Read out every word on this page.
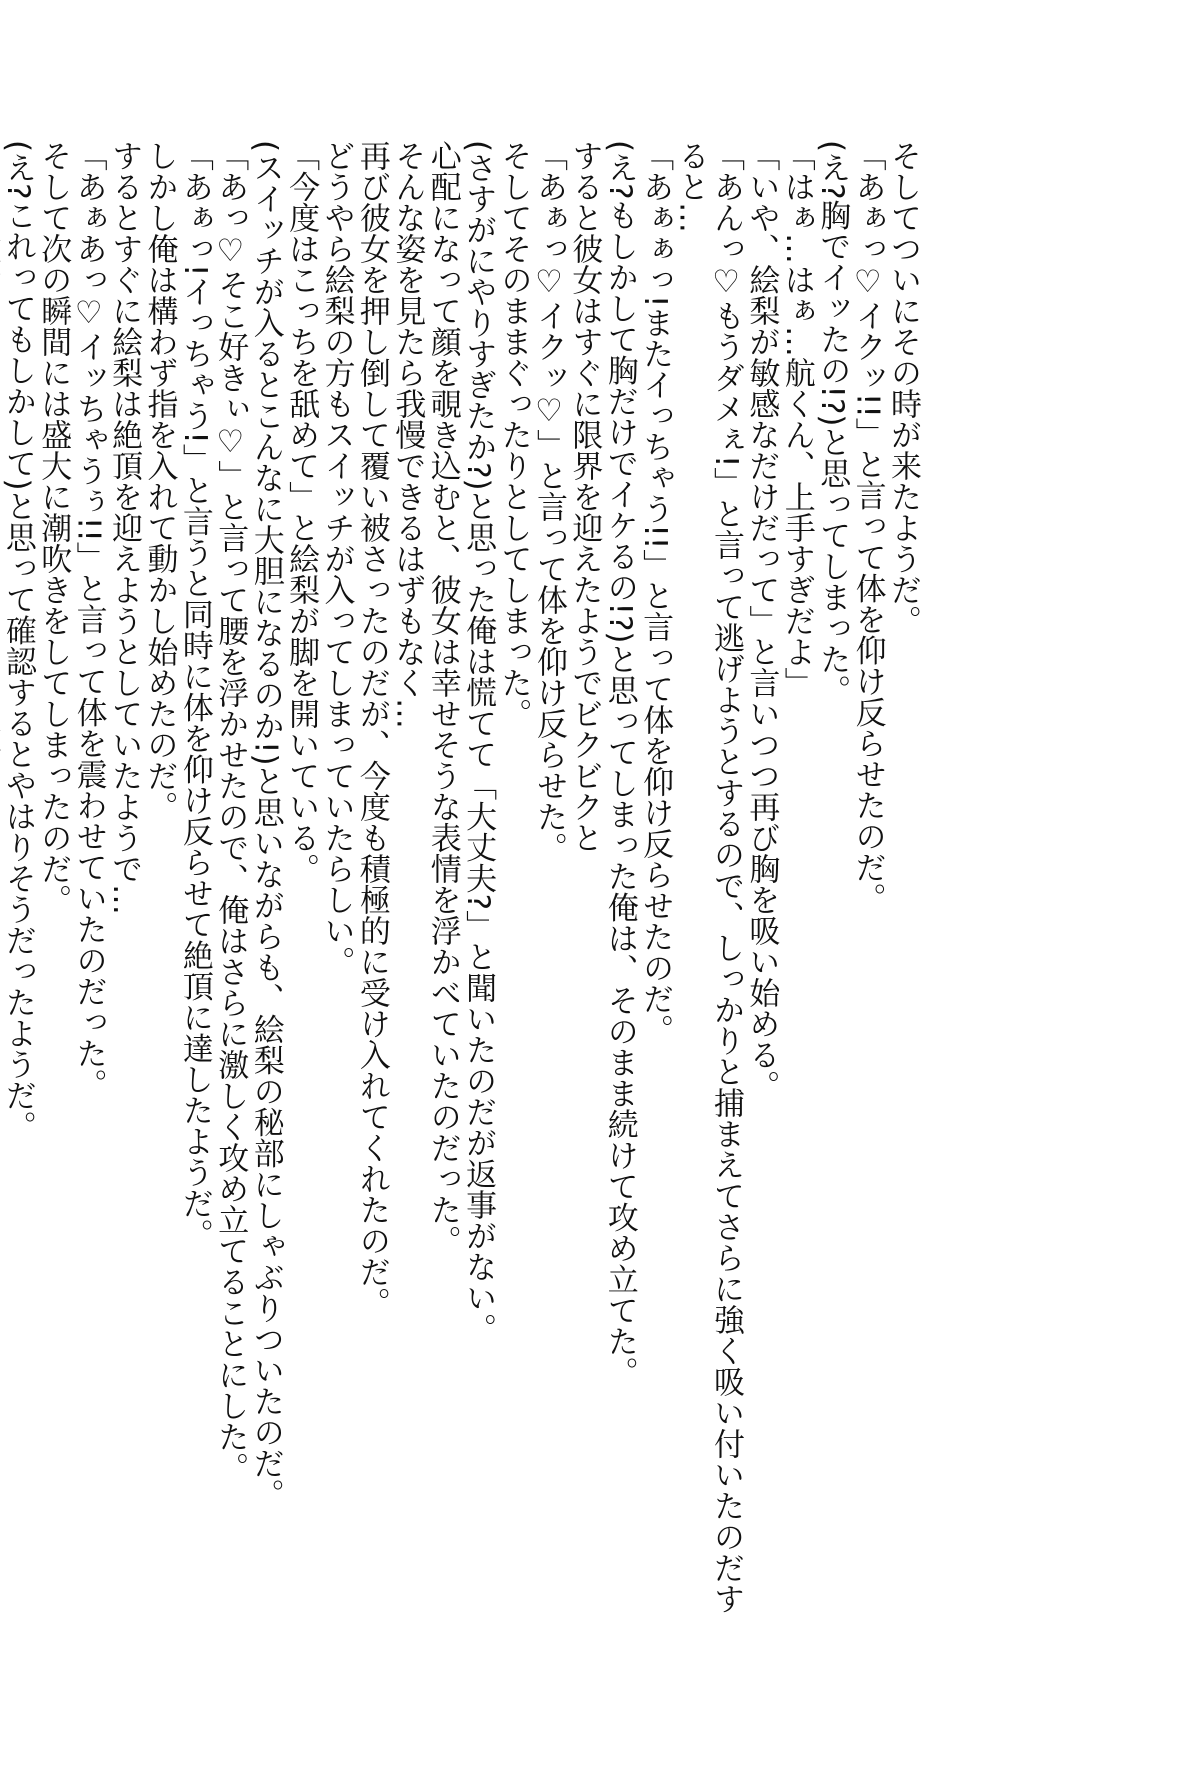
そしてついにその時が来たようだ。

「あぁっ♡イクッ!!」と言って体を仰け反らせたのだ。

(え?胸でイッたの!?)と思ってしまった。

「はぁ…はぁ…航くん、上手すぎだよ」

「いや、絵梨が敏感なだけだって」と言いつつ再び胸を吸い始める。

「あんっ♡もうダメぇ!」と言って逃げようとするので、しっかりと捕まえてさらに強く吸い付いたのだすると…

「あぁぁっ!またイっちゃう!!」と言って体を仰け反らせたのだ。

(え?もしかして胸だけでイケるの!?)と思ってしまった俺は、そのまま続けて攻め立てた。

すると彼女はすぐに限界を迎えたようでビクビクと

「あぁっ♡イクッ♡」と言って体を仰け反らせた。

そしてそのままぐったりとしてしまった。

(さすがにやりすぎたか?)と思った俺は慌てて「大丈夫?」と聞いたのだが返事がない。

心配になって顔を覗き込むと、彼女は幸せそうな表情を浮かべていたのだった。

そんな姿を見たら我慢できるはずもなく…

再び彼女を押し倒して覆い被さったのだが、今度も積極的に受け入れてくれたのだ。

どうやら絵梨の方もスイッチが入ってしまっていたらしい。

「今度はこっちを舐めて」と絵梨が脚を開いている。

(スイッチが入るとこんなに大胆になるのか!)と思いながらも、絵梨の秘部にしゃぶりついたのだ。

「あっ♡そこ好きぃ♡」と言って腰を浮かせたので、俺はさらに激しく攻め立てることにした。

「あぁっ!イっちゃう!」と言うと同時に体を仰け反らせて絶頂に達したようだ。

しかし俺は構わず指を入れて動かし始めたのだ。

するとすぐに絵梨は絶頂を迎えようとしていたようで…

「あぁあっ♡イッちゃうぅ!!」と言って体を震わせていたのだった。

そして次の瞬間には盛大に潮吹きをしてしまったのだ。

(え?これってもしかして)と思って確認するとやはりそうだったようだ。
